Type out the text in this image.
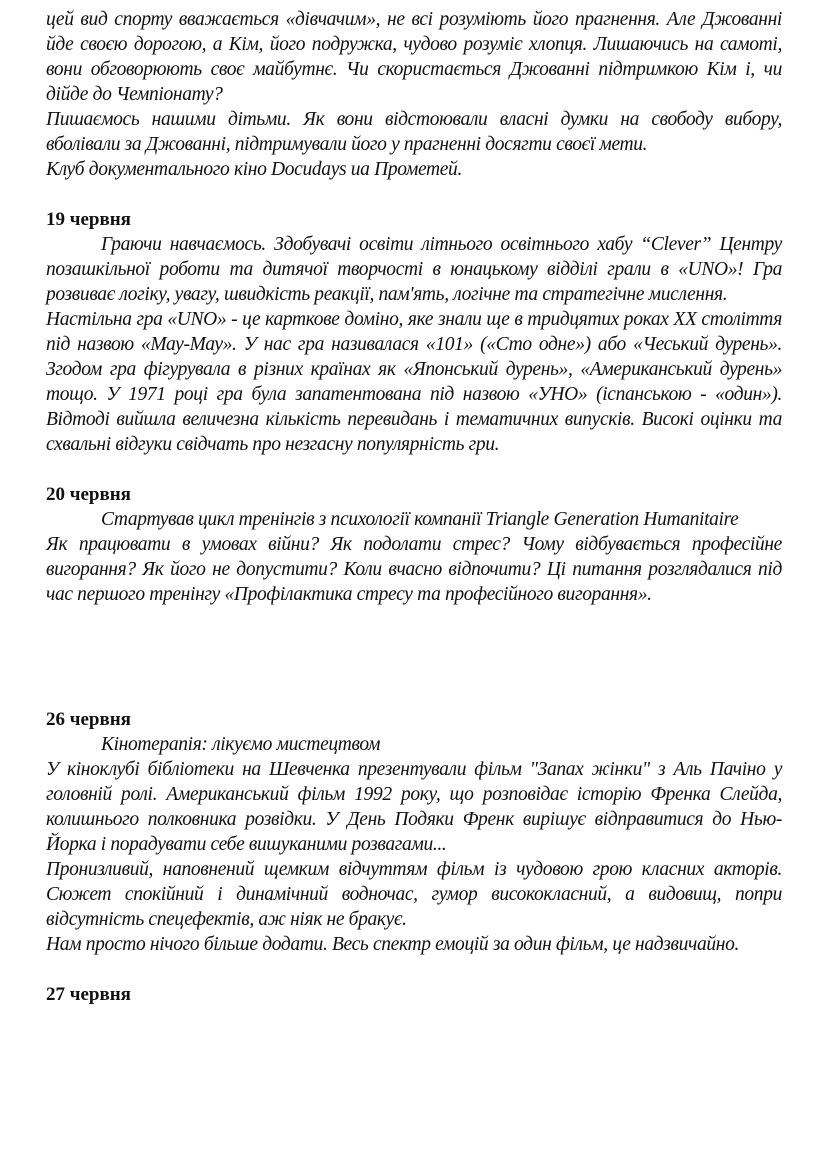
цей вид спорту вважається «дівчачим», не всі розуміють його прагнення. Але Джованні йде своєю дорогою, а Кім, його подружка, чудово розуміє хлопця. Лишаючись на самоті, вони обговорюють своє майбутнє. Чи скористається Джованні підтримкою Кім і, чи дійде до Чемпіонату?

Пишаємось нашими дітьми. Як вони відстоювали власні думки на свободу вибору, вболівали за Джованні, підтримували його у прагненні досягти своєї мети.

Клуб документального кіно Docudays иа Прометей.

19 червня

Граючи навчаємось. Здобувачі освіти літнього освітнього хабу “Clever” Центру позашкільної роботи та дитячої творчості в юнацькому відділі грали в «UNO»! Гра розвиває логіку, увагу, швидкість реакції, пам'ять, логічне та стратегічне мислення.

Настільна гра «UNO» - це карткове доміно, яке знали ще в тридцятих роках XX століття під назвою «Мау-Мау». У нас гра називалася «101» («Сто одне») або «Чеський дурень». Згодом гра фігурувала в різних країнах як «Японський дурень», «Американський дурень» тощо. У 1971 році гра була запатентована під назвою «УНО» (іспанською - «один»). Відтоді вийшла величезна кількість перевидань і тематичних випусків. Високі оцінки та схвальні відгуки свідчать про незгасну популярність гри.

20 червня

Стартував цикл тренінгів з психології компанії Triangle Generation Humanitaire

Як працювати в умовах війни? Як подолати стрес? Чому відбувається професійне вигорання? Як його не допустити? Коли вчасно відпочити? Ці питання розглядалися під час першого тренінгу «Профілактика стресу та професійного вигорання».

26 червня

Кінотерапія: лікуємо мистецтвом

У кіноклубі бібліотеки на Шевченка презентували фільм "Запах жінки" з Аль Пачіно у головній ролі. Американський фільм 1992 року, що розповідає історію Френка Слейда, колишнього полковника розвідки. У День Подяки Френк вирішує відправитися до Нью-Йорка і порадувати себе вишуканими розвагами...

Пронизливий, наповнений щемким відчуттям фільм із чудовою грою класних акторів. Сюжет спокійний і динамічний водночас, гумор висококласний, а видовищ, попри відсутність спецефектів, аж ніяк не бракує.

Нам просто нічого більше додати. Весь спектр емоцій за один фільм, це надзвичайно.

27 червня
